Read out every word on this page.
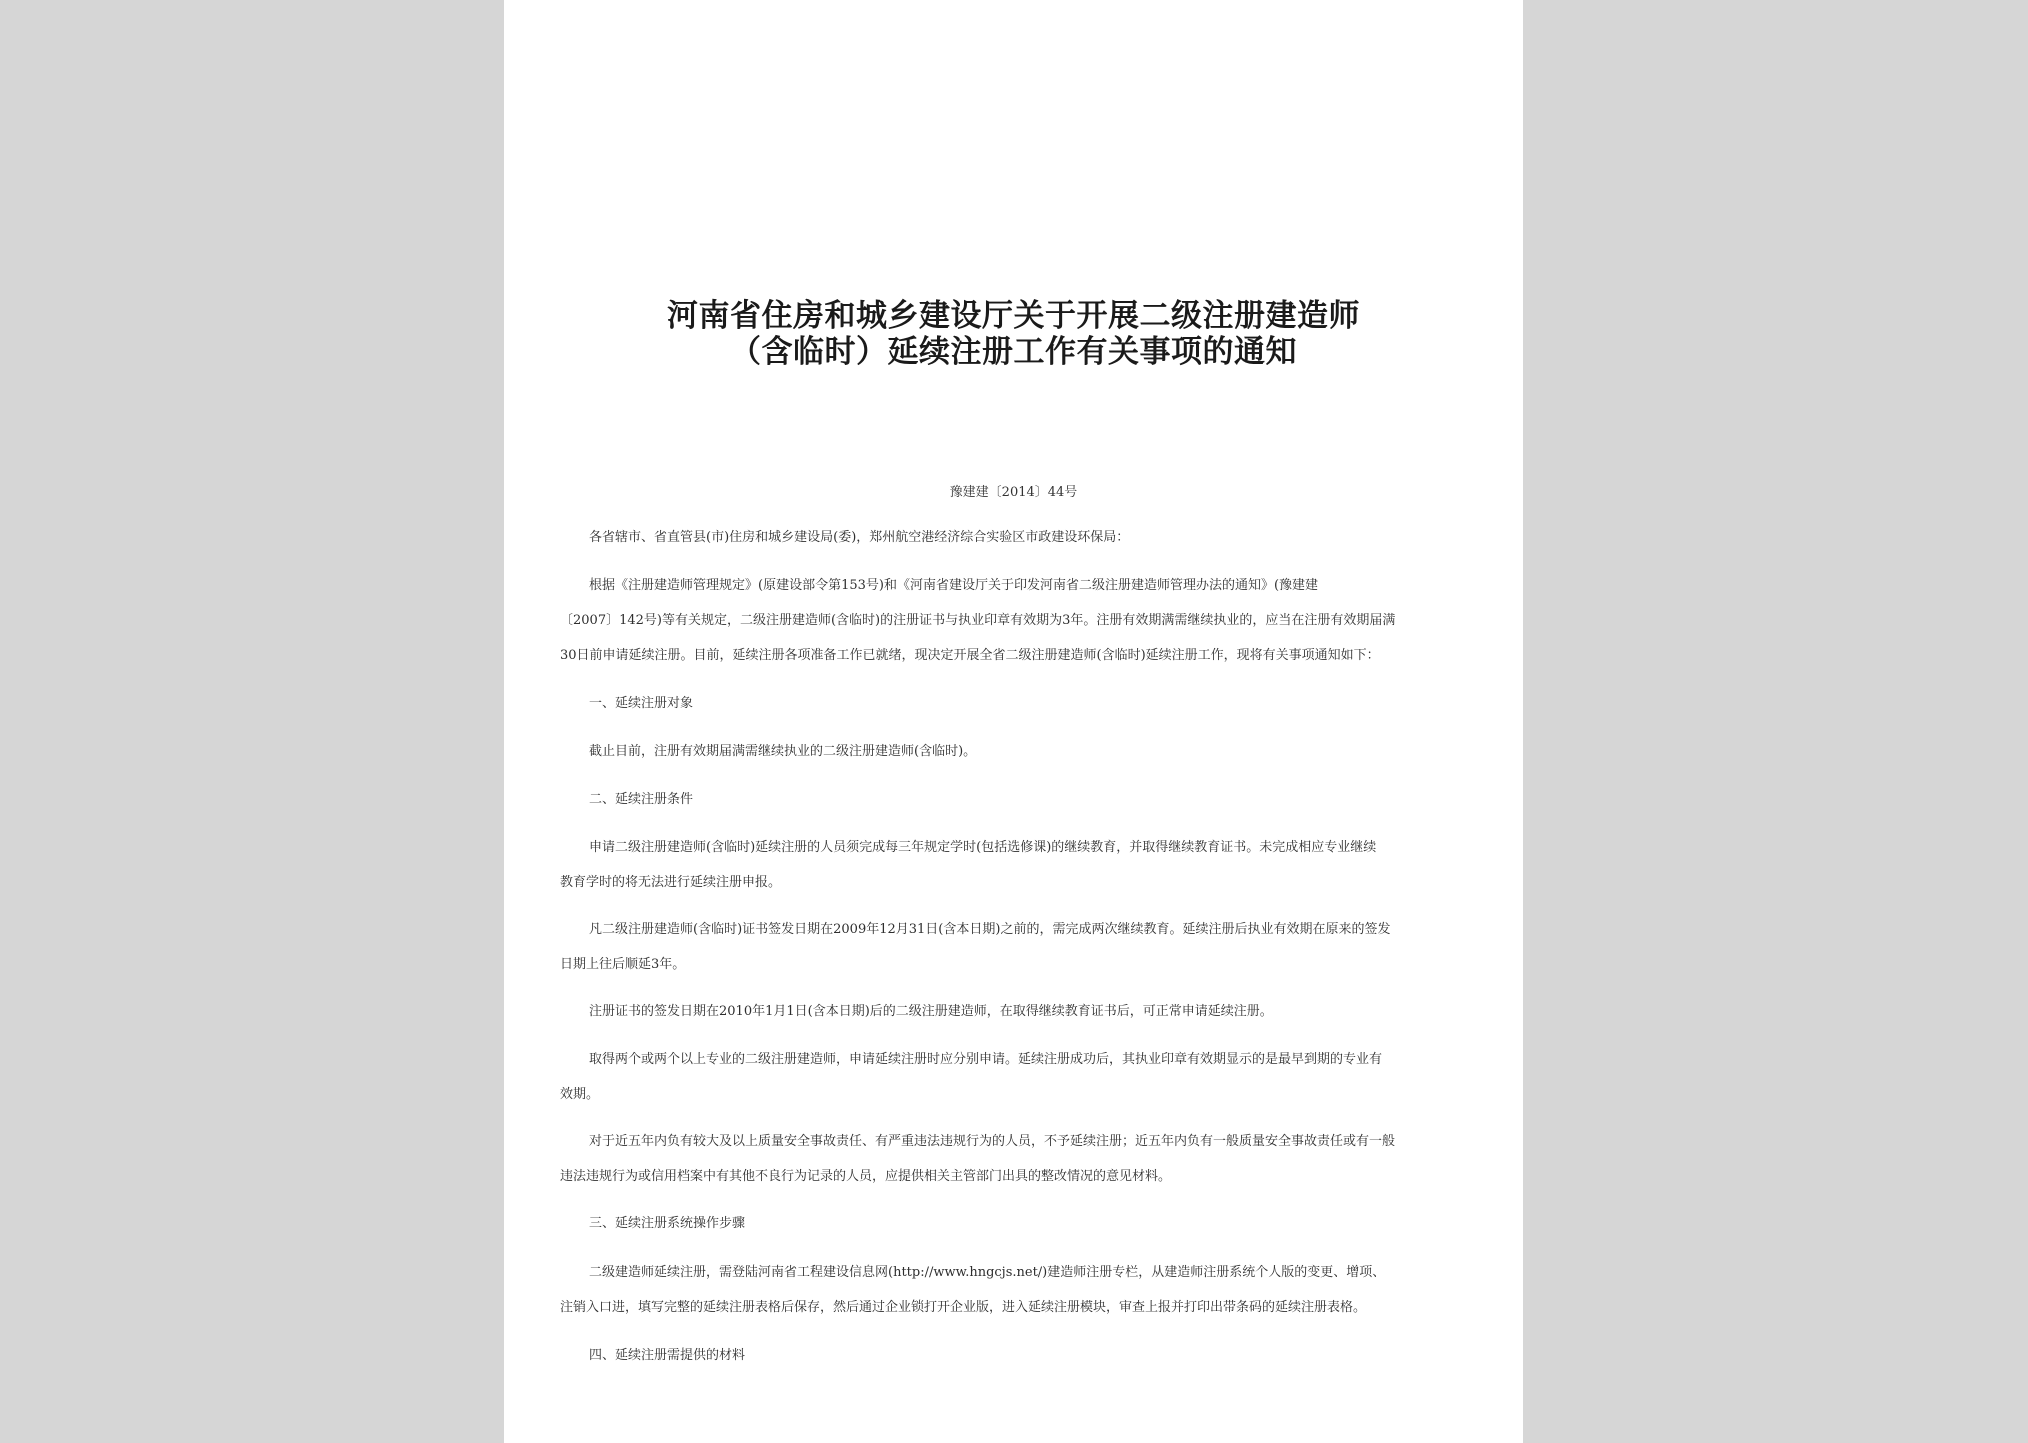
河南省住房和城乡建设厅关于开展二级注册建造师
（含临时）延续注册工作有关事项的通知
豫建建〔2014〕44号
各省辖市、省直管县(市)住房和城乡建设局(委)，郑州航空港经济综合实验区市政建设环保局：
根据《注册建造师管理规定》(原建设部令第153号)和《河南省建设厅关于印发河南省二级注册建造师管理办法的通知》(豫建建
〔2007〕142号)等有关规定，二级注册建造师(含临时)的注册证书与执业印章有效期为3年。注册有效期满需继续执业的，应当在注册有效期届满
30日前申请延续注册。目前，延续注册各项准备工作已就绪，现决定开展全省二级注册建造师(含临时)延续注册工作，现将有关事项通知如下：
一、延续注册对象
截止目前，注册有效期届满需继续执业的二级注册建造师(含临时)。
二、延续注册条件
申请二级注册建造师(含临时)延续注册的人员须完成每三年规定学时(包括选修课)的继续教育，并取得继续教育证书。未完成相应专业继续
教育学时的将无法进行延续注册申报。
凡二级注册建造师(含临时)证书签发日期在2009年12月31日(含本日期)之前的，需完成两次继续教育。延续注册后执业有效期在原来的签发
日期上往后顺延3年。
注册证书的签发日期在2010年1月1日(含本日期)后的二级注册建造师，在取得继续教育证书后，可正常申请延续注册。
取得两个或两个以上专业的二级注册建造师，申请延续注册时应分别申请。延续注册成功后，其执业印章有效期显示的是最早到期的专业有
效期。
对于近五年内负有较大及以上质量安全事故责任、有严重违法违规行为的人员，不予延续注册；近五年内负有一般质量安全事故责任或有一般
违法违规行为或信用档案中有其他不良行为记录的人员，应提供相关主管部门出具的整改情况的意见材料。
三、延续注册系统操作步骤
二级建造师延续注册，需登陆河南省工程建设信息网(http://www.hngcjs.net/)建造师注册专栏，从建造师注册系统个人版的变更、增项、
注销入口进，填写完整的延续注册表格后保存，然后通过企业锁打开企业版，进入延续注册模块，审查上报并打印出带条码的延续注册表格。
四、延续注册需提供的材料
